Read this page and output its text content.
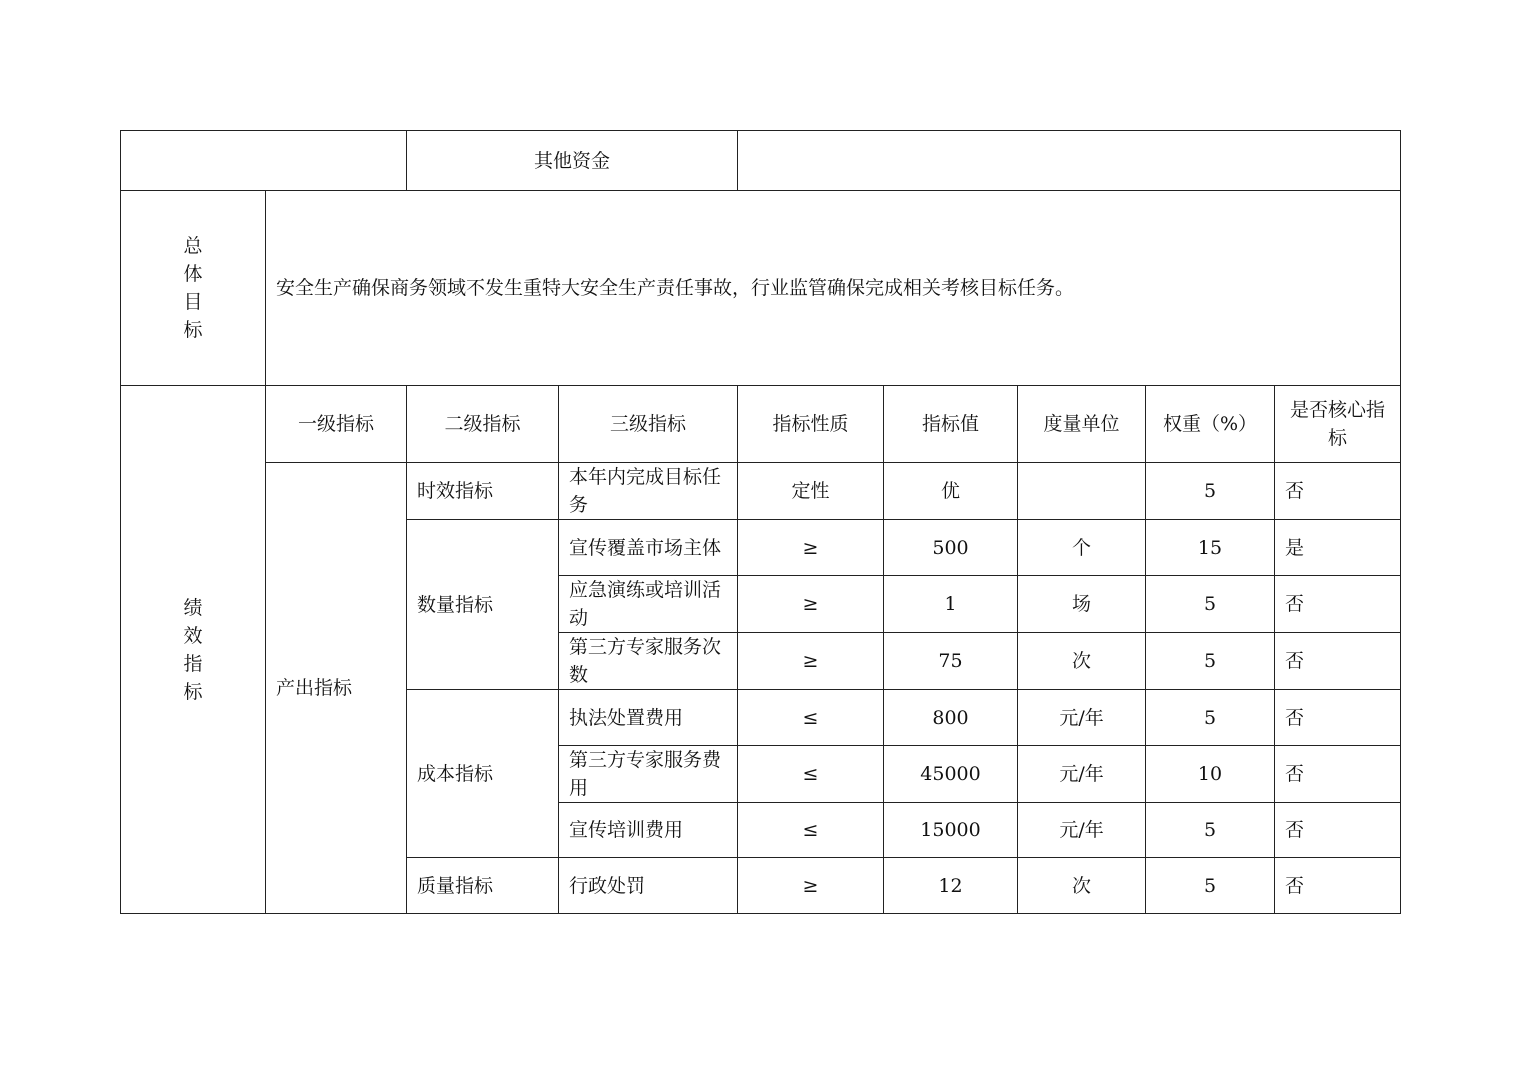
		其他资金						

总
体
目
标	安全生产确保商务领域不发生重特大安全生产责任事故，行业监管确保完成相关考核目标任务。							

绩
效
指
标	一级指标	二级指标	三级指标	指标性质	指标值	度量单位	权重（%）	是否核心指标
	产出指标	时效指标	本年内完成目标任务	定性	优		5	否
		数量指标	宣传覆盖市场主体	≥	500	个	15	是
			应急演练或培训活动	≥	1	场	5	否
			第三方专家服务次数	≥	75	次	5	否
		成本指标	执法处置费用	≤	800	元/年	5	否
			第三方专家服务费用	≤	45000	元/年	10	否
			宣传培训费用	≤	15000	元/年	5	否
		质量指标	行政处罚	≥	12	次	5	否
